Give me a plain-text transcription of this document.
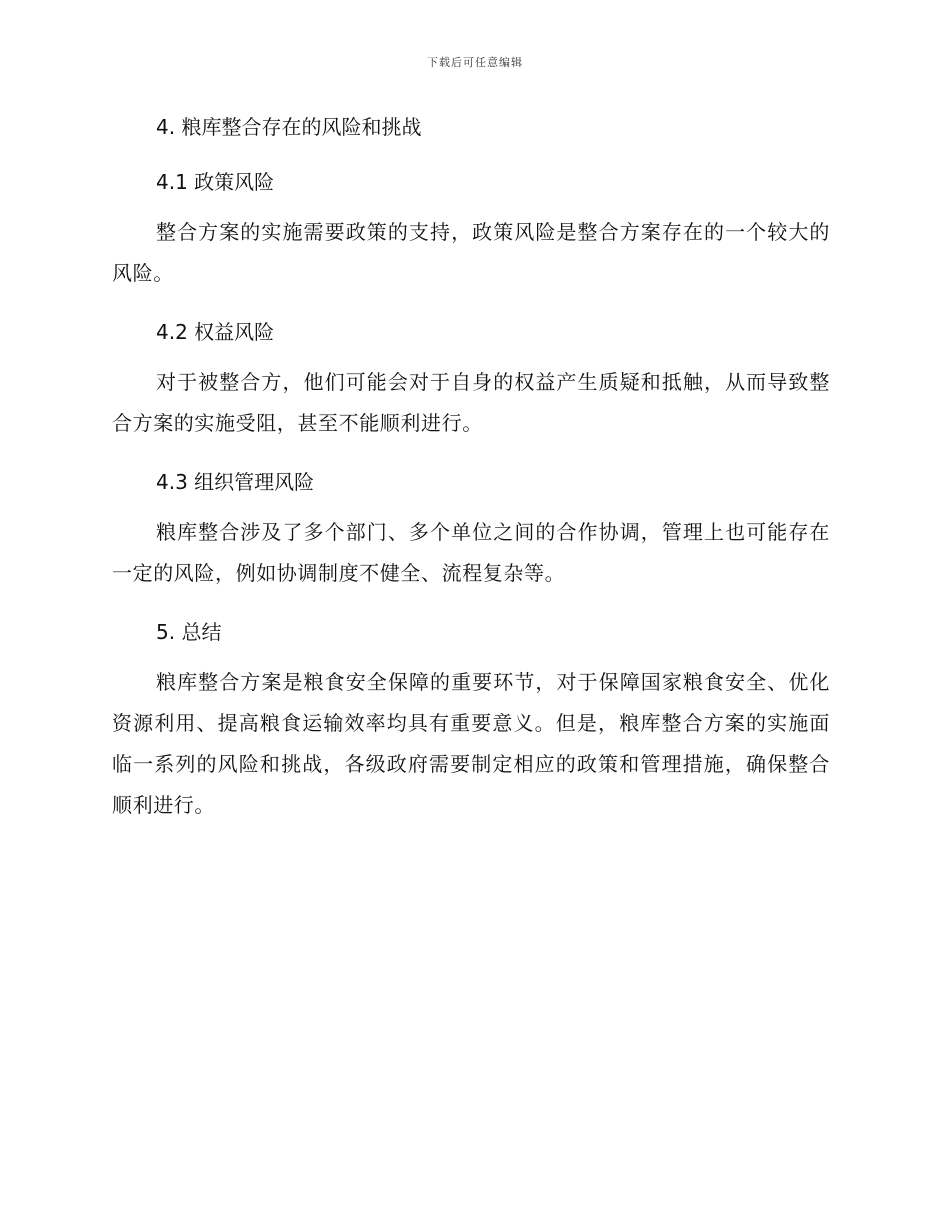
下载后可任意编辑
4. 粮库整合存在的风险和挑战
4.1 政策风险

整合方案的实施需要政策的支持，政策风险是整合方案存在的一个较大的风险。

4.2 权益风险

对于被整合方，他们可能会对于自身的权益产生质疑和抵触，从而导致整合方案的实施受阻，甚至不能顺利进行。

4.3 组织管理风险

粮库整合涉及了多个部门、多个单位之间的合作协调，管理上也可能存在一定的风险，例如协调制度不健全、流程复杂等。

5. 总结

粮库整合方案是粮食安全保障的重要环节，对于保障国家粮食安全、优化资源利用、提高粮食运输效率均具有重要意义。但是，粮库整合方案的实施面临一系列的风险和挑战，各级政府需要制定相应的政策和管理措施，确保整合顺利进行。
